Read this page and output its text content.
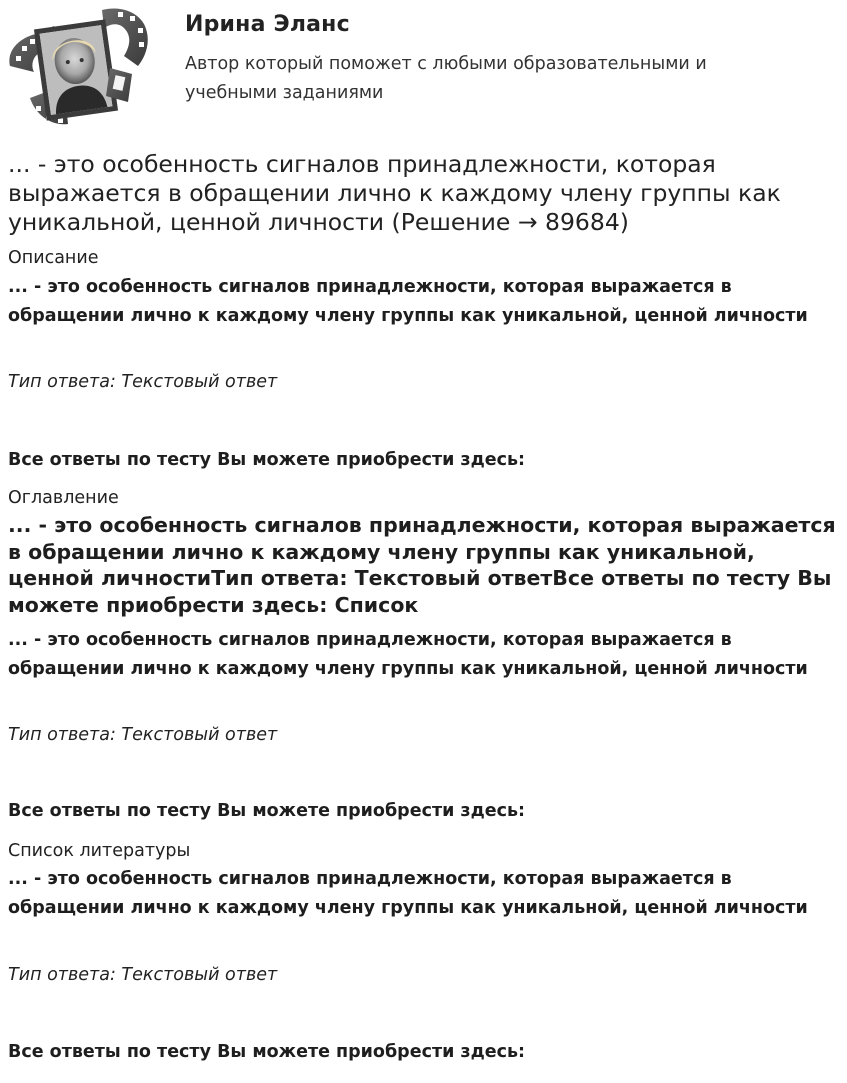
Ирина Эланс
Автор который поможет с любыми образовательными и учебными заданиями
... - это особенность сигналов принадлежности, которая выражается в обращении лично к каждому члену группы как уникальной, ценной личности (Решение → 89684)

Описание

... - это особенность сигналов принадлежности, которая выражается в обращении лично к каждому члену группы как уникальной, ценной личности

Тип ответа: Текстовый ответ

Все ответы по тесту Вы можете приобрести здесь:

Оглавление

... - это особенность сигналов принадлежности, которая выражается в обращении лично к каждому члену группы как уникальной, ценной личностиТип ответа: Текстовый ответВсе ответы по тесту Вы можете приобрести здесь: Список

... - это особенность сигналов принадлежности, которая выражается в обращении лично к каждому члену группы как уникальной, ценной личности

Тип ответа: Текстовый ответ

Все ответы по тесту Вы можете приобрести здесь:

Список литературы

... - это особенность сигналов принадлежности, которая выражается в обращении лично к каждому члену группы как уникальной, ценной личности

Тип ответа: Текстовый ответ

Все ответы по тесту Вы можете приобрести здесь:
